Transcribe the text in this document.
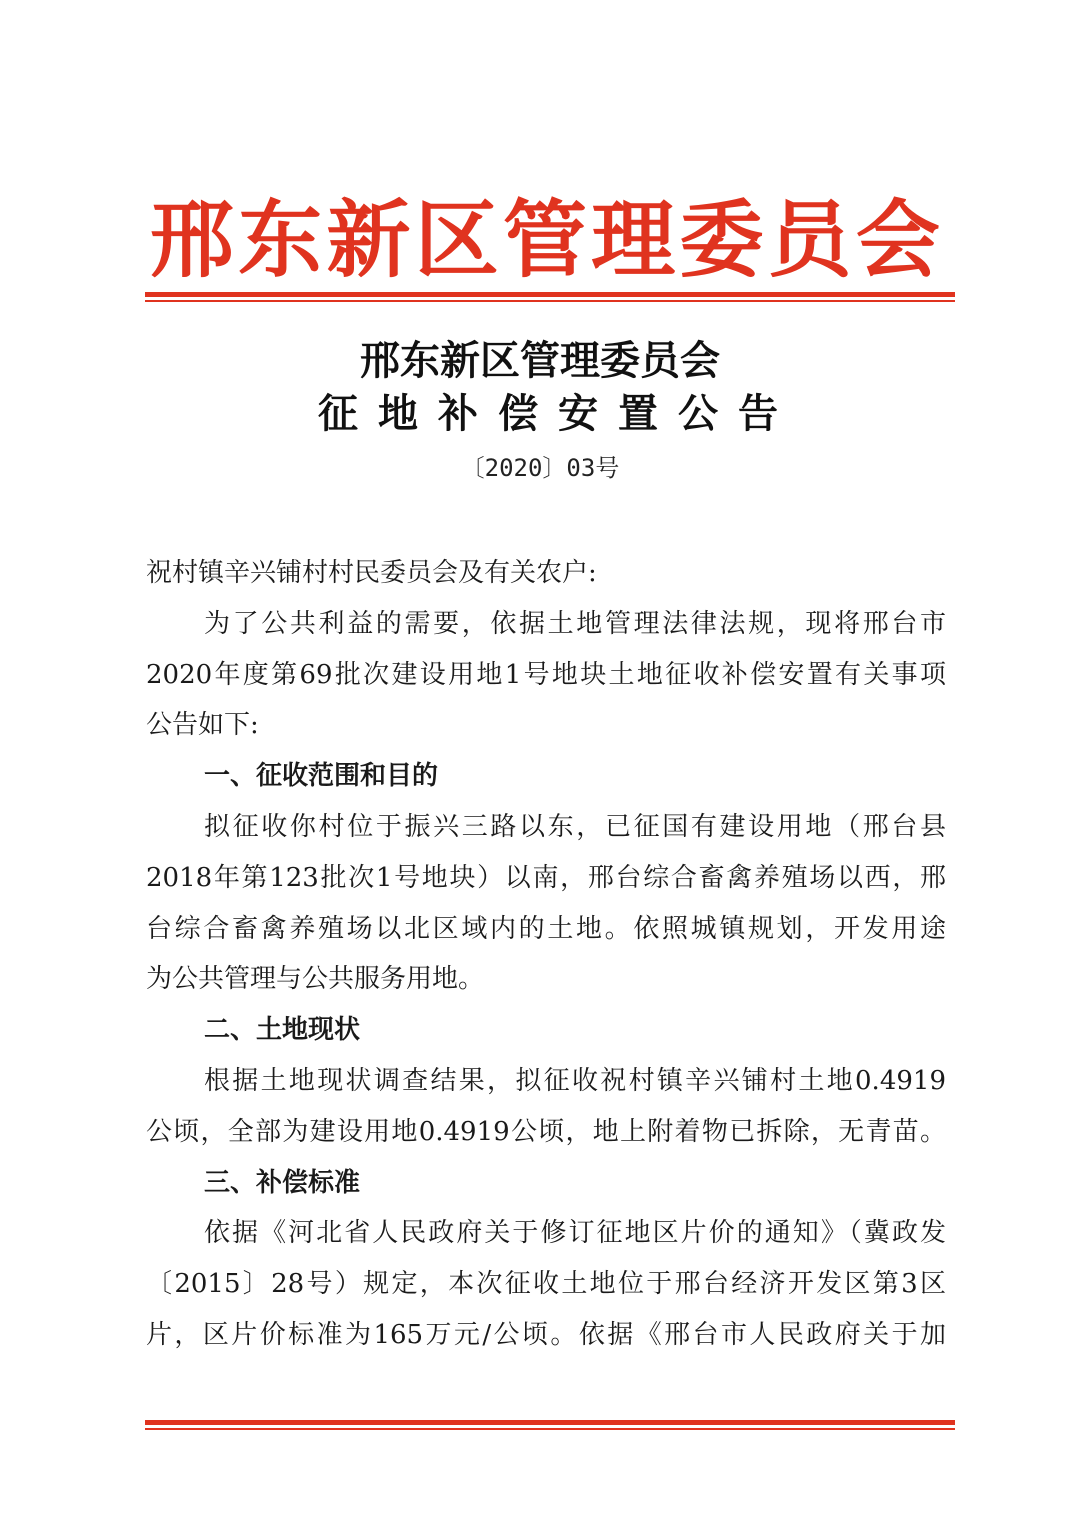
邢 东 新 区 管 理 委 员 会
邢东新区管理委员会
征 地 补 偿 安 置 公 告
〔2020〕03号
祝村镇辛兴铺村村民委员会及有关农户:
为了公共利益的需要，依据土地管理法律法规，现将邢台市
2020年度第69批次建设用地1号地块土地征收补偿安置有关事项
公告如下:
一、征收范围和目的
拟征收你村位于振兴三路以东，已征国有建设用地（邢台县
2018年第123批次1号地块）以南，邢台综合畜禽养殖场以西，邢
台综合畜禽养殖场以北区域内的土地。依照城镇规划，开发用途
为公共管理与公共服务用地。
二、土地现状
根据土地现状调查结果，拟征收祝村镇辛兴铺村土地0.4919
公顷，全部为建设用地0.4919公顷，地上附着物已拆除，无青苗。
三、补偿标准
依据《河北省人民政府关于修订征地区片价的通知》（冀政发
〔2015〕28号）规定，本次征收土地位于邢台经济开发区第3区
片，区片价标准为165万元/公顷。依据《邢台市人民政府关于加
